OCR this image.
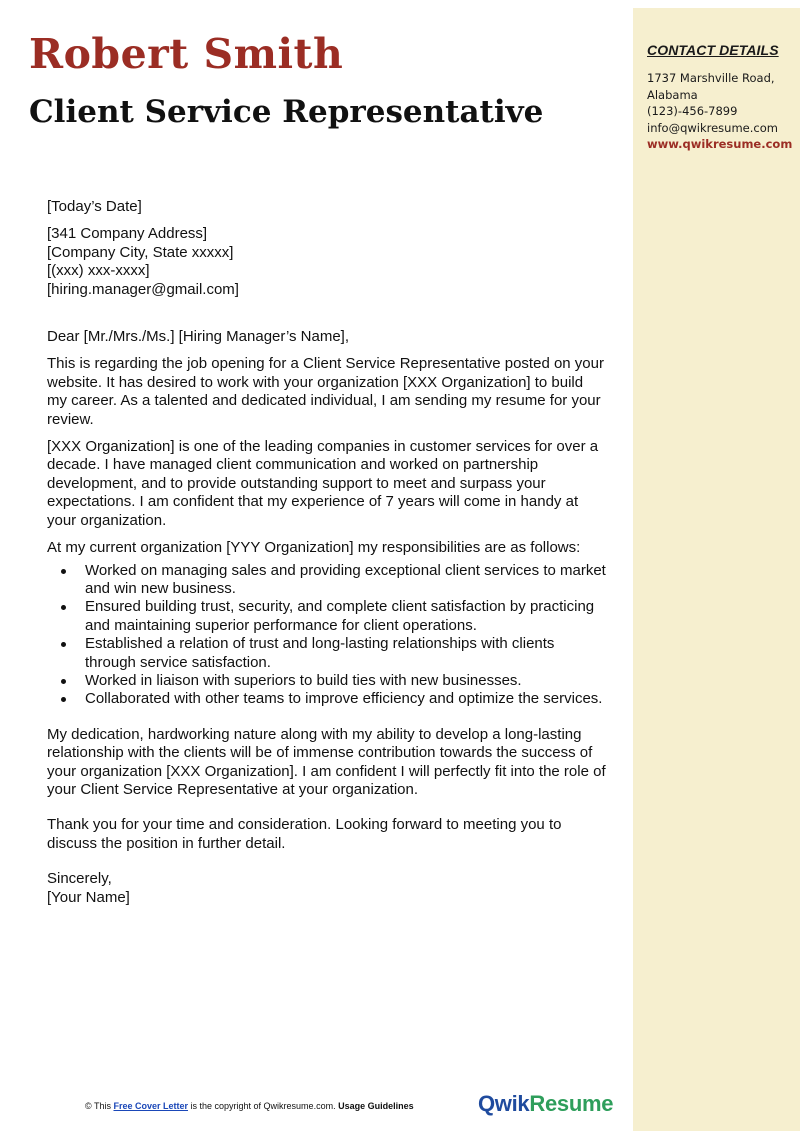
CONTACT DETAILS
1737 Marshville Road,
Alabama
(123)-456-7899
info@qwikresume.com
www.qwikresume.com
Robert Smith
Client Service Representative

[Today’s Date]

[341 Company Address]

[Company City, State xxxxx]

[(xxx) xxx-xxxx]

[hiring.manager@gmail.com]

Dear [Mr./Mrs./Ms.] [Hiring Manager’s Name],

This is regarding the job opening for a Client Service Representative posted on your website. It has desired to work with your organization [XXX Organization] to build my career. As a talented and dedicated individual, I am sending my resume for your review.

[XXX Organization] is one of the leading companies in customer services for over a decade. I have managed client communication and worked on partnership development, and to provide outstanding support to meet and surpass your expectations. I am confident that my experience of 7 years will come in handy at your organization.

At my current organization [YYY Organization] my responsibilities are as follows:

Worked on managing sales and providing exceptional client services to market and win new business.
Ensured building trust, security, and complete client satisfaction by practicing and maintaining superior performance for client operations.
Established a relation of trust and long-lasting relationships with clients through service satisfaction.
Worked in liaison with superiors to build ties with new businesses.
Collaborated with other teams to improve efficiency and optimize the services.

My dedication, hardworking nature along with my ability to develop a long-lasting relationship with the clients will be of immense contribution towards the success of your organization [XXX Organization]. I am confident I will perfectly fit into the role of your Client Service Representative at your organization.

Thank you for your time and consideration. Looking forward to meeting you to discuss the position in further detail.

Sincerely,

[Your Name]

© This Free Cover Letter is the copyright of Qwikresume.com. Usage Guidelines	QwikResume
